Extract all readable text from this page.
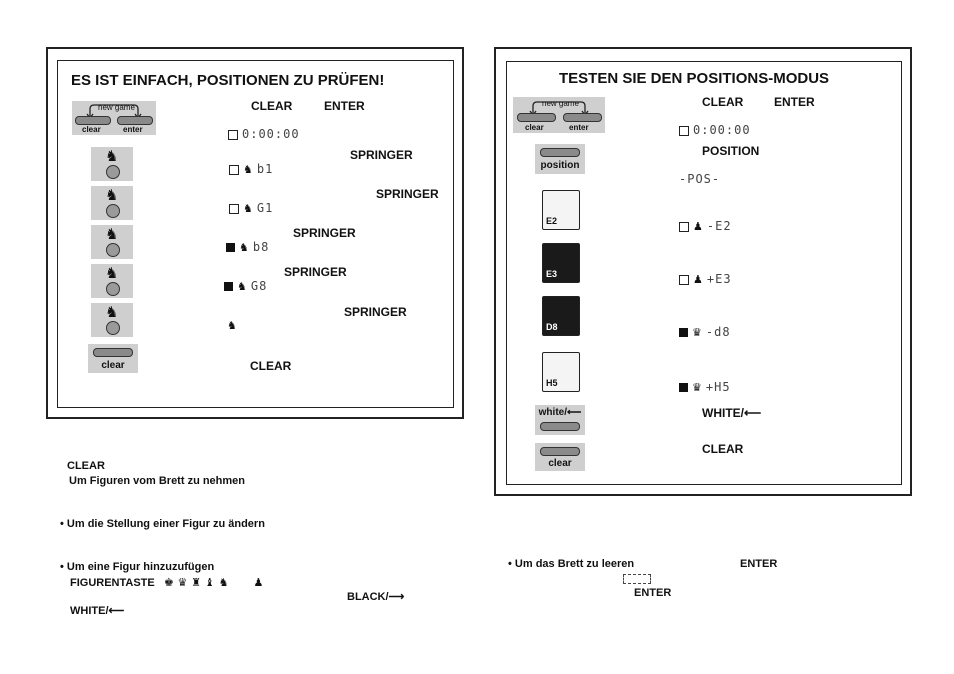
ES IST EINFACH, POSITIONEN ZU PRÜFEN!
new game
clear	enter
CLEAR	ENTER
0:00:00
♞	SPRINGER
♞ b1
♞	SPRINGER
♞ G1
♞	SPRINGER
♞ b8
♞	SPRINGER
♞ G8
♞	SPRINGER
♞
clear	CLEAR
TESTEN SIE DEN POSITIONS-MODUS
new game
clear	enter
CLEAR	ENTER
0:00:00
position
POSITION
-POS-
E2	♟ -E2
E3	♟ +E3
D8	♛ -d8
H5	♛ +H5
white/⟵	WHITE/⟵
clear
CLEAR
CLEAR
Um Figuren vom Brett zu nehmen
• Um die Stellung einer Figur zu ändern
• Um eine Figur hinzuzufügen
FIGURENTASTE ♚ ♛ ♜ ♝ ♞ ♟
BLACK/⟶
WHITE/⟵
• Um das Brett zu leeren	ENTER
ENTER
